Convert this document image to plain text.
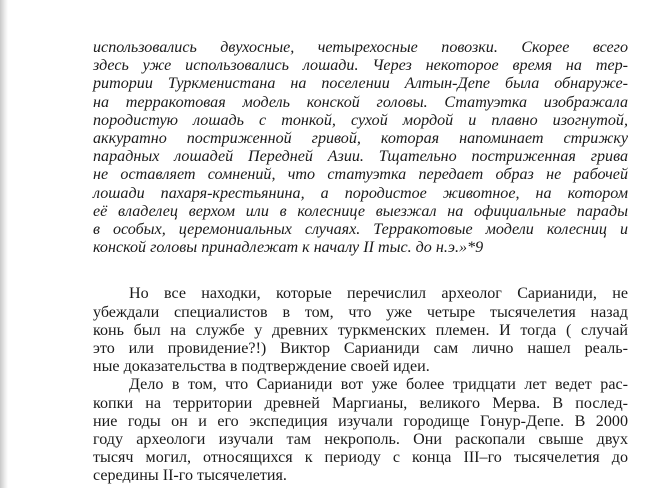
использовались двухосные, четырехосные повозки. Скорее всего
здесь уже использовались лошади. Через некоторое время на тер-
ритории Туркменистана на поселении Алтын-Депе была обнаруже-
на терракотовая модель конской головы. Статуэтка изображала
породистую лошадь с тонкой, сухой мордой и плавно изогнутой,
аккуратно постриженной гривой, которая напоминает стрижку
парадных лошадей Передней Азии. Тщательно постриженная грива
не оставляет сомнений, что статуэтка передает образ не рабочей
лошади пахаря-крестьянина, а породистое животное, на котором
её владелец верхом или в колеснице выезжал на официальные парады
в особых, церемониальных случаях. Терракотовые модели колесниц и
конской головы принадлежат к началу II тыс. до н.э.»*9

Но все находки, которые перечислил археолог Сарианиди, не
убеждали специалистов в том, что уже четыре тысячелетия назад
конь был на службе у древних туркменских племен. И тогда ( случай
это или провидение?!) Виктор Сарианиди сам лично нашел реаль-
ные доказательства в подтверждение своей идеи.

Дело в том, что Сарианиди вот уже более тридцати лет ведет рас-
копки на территории древней Маргианы, великого Мерва. В послед-
ние годы он и его экспедиция изучали городище Гонур-Депе. В 2000
году археологи изучали там некрополь. Они раскопали свыше двух
тысяч могил, относящихся к периоду с конца III–го тысячелетия до
середины II-го тысячелетия.
